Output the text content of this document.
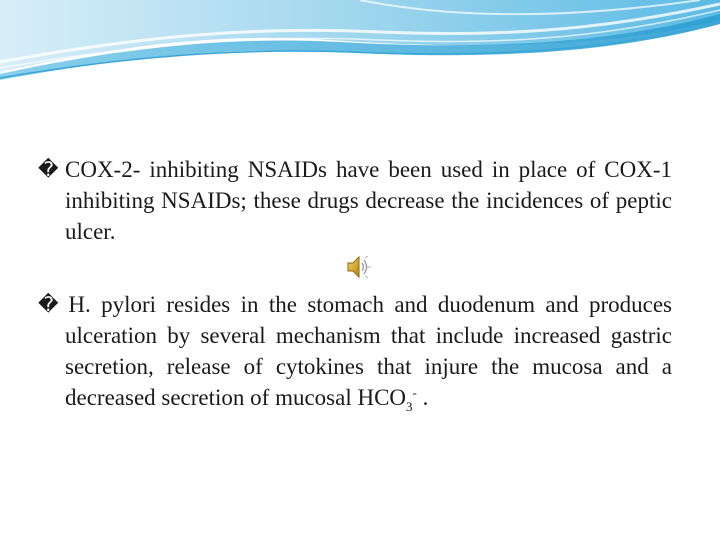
� COX-2- inhibiting NSAIDs have been used in place of COX-1 inhibiting NSAIDs; these drugs decrease the incidences of peptic ulcer.
� H. pylori resides in the stomach and duodenum and produces ulceration by several mechanism that include increased gastric secretion, release of cytokines that injure the mucosa and a decreased secretion of mucosal $HCO_3^-$ .
